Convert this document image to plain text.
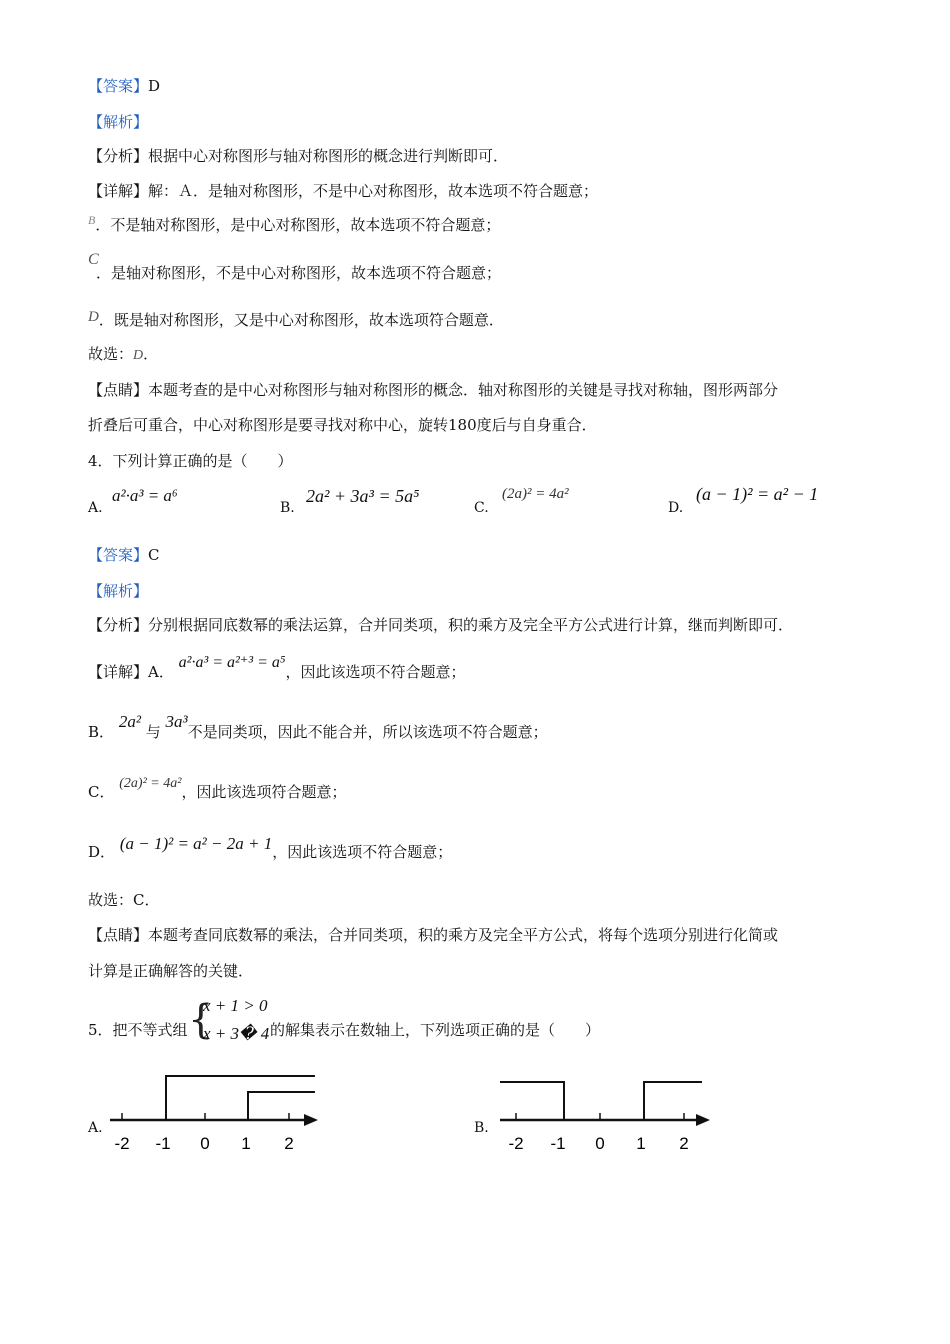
【答案】D
【解析】
【分析】根据中心对称图形与轴对称图形的概念进行判断即可．
【详解】解：Ａ．是轴对称图形，不是中心对称图形，故本选项不符合题意；
$^B$．不是轴对称图形，是中心对称图形，故本选项不符合题意；
C
．是轴对称图形，不是中心对称图形，故本选项不符合题意；
D．既是轴对称图形，又是中心对称图形，故本选项符合题意．
故选：D．
【点睛】本题考查的是中心对称图形与轴对称图形的概念．轴对称图形的关键是寻找对称轴，图形两部分
折叠后可重合，中心对称图形是要寻找对称中心，旋转180度后与自身重合．
4．下列计算正确的是（　　）
A.
a²·a³ = a⁶
B.
2a² + 3a³ = 5a⁵
C.
(2a)² = 4a²
D.
(a − 1)² = a² − 1
【答案】C
【解析】
【分析】分别根据同底数幂的乘法运算，合并同类项，积的乘方及完全平方公式进行计算，继而判断即可．
【详解】A． a²·a³ = a²⁺³ = a⁵，因此该选项不符合题意；
B． 2a² 与 3a³不是同类项，因此不能合并，所以该选项不符合题意；
C． (2a)² = 4a²，因此该选项符合题意；
D． (a − 1)² = a² − 2a + 1，因此该选项不符合题意；
故选：C．
【点睛】本题考查同底数幂的乘法，合并同类项，积的乘方及完全平方公式，将每个选项分别进行化简或
计算是正确解答的关键．
5．把不等式组 {
x + 1 > 0
x + 3� 4 的解集表示在数轴上，下列选项正确的是（　　）
A.
-2 -1 0 1 2
B.
-2 -1 0 1 2
